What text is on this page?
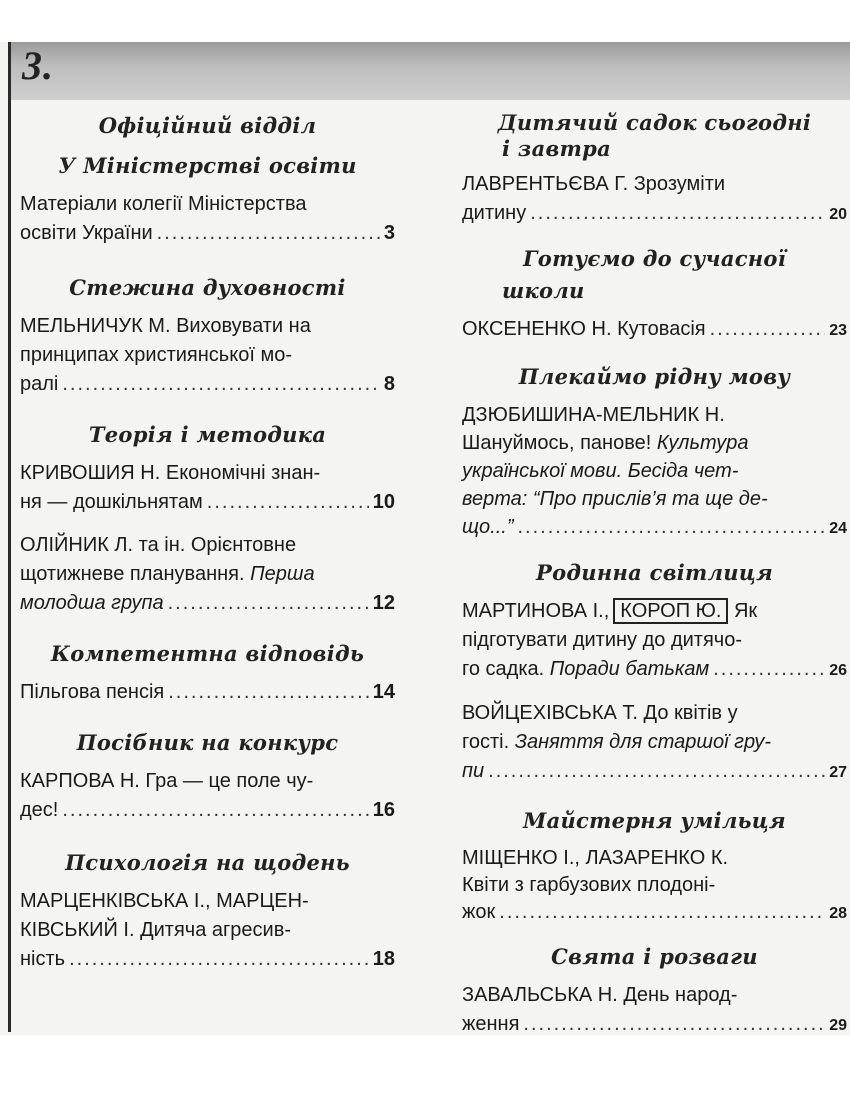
3.
Офіційний відділ
У Міністерстві освіти
Матеріали колегії Міністерства
освіти України .....	3
Стежина духовності
МЕЛЬНИЧУК М. Виховувати на
принципах християнської мо-
ралі .....	8
Теорія і методика
КРИВОШИЯ Н. Економічні знан-
ня — дошкільнятам .....	10
ОЛІЙНИК Л. та ін. Орієнтовне
щотижневе планування. Перша
молодша група .....	12
Компетентна відповідь
Пільгова пенсія .....	14
Посібник на конкурс
КАРПОВА Н. Гра — це поле чу-
дес! .....	16
Психологія на щодень
МАРЦЕНКІВСЬКА І., МАРЦЕН-
КІВСЬКИЙ І. Дитяча агресив-
ність .....	18
Дитячий садок сьогодні
і завтра
ЛАВРЕНТЬЄВА Г. Зрозуміти
дитину .....	20
Готуємо до сучасної
школи
ОКСЕНЕНКО Н. Кутовасія .....	23
Плекаймо рідну мову
ДЗЮБИШИНА-МЕЛЬНИК Н.
Шануймось, панове! Культура
української мови. Бесіда чет-
верта: “Про прислів’я та ще де-
що...” .....	24
Родинна світлиця
МАРТИНОВА І., КОРОП Ю. Як
підготувати дитину до дитячо-
го садка. Поради батькам .....	26
ВОЙЦЕХІВСЬКА Т. До квітів у
гості. Заняття для старшої гру-
пи .....	27
Майстерня умільця
МІЩЕНКО І., ЛАЗАРЕНКО К.
Квіти з гарбузових плодоні-
жок .....	28
Свята і розваги
ЗАВАЛЬСЬКА Н. День народ-
ження .....	29
